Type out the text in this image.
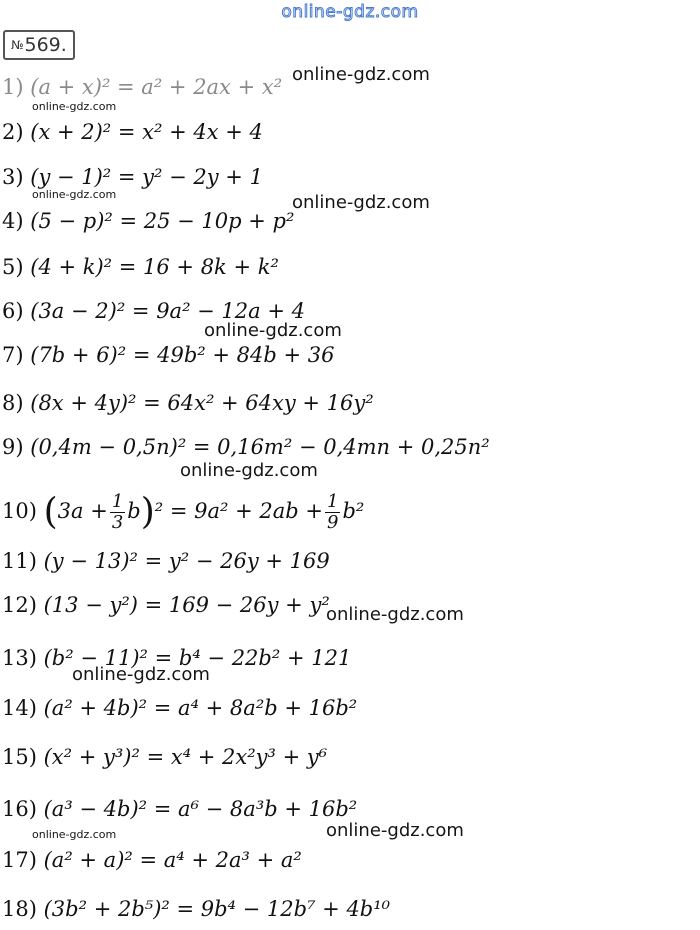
online-gdz.com
№569.
1) (a + x)² = a² + 2ax + x²
2) (x + 2)² = x² + 4x + 4
3) (y − 1)² = y² − 2y + 1
4) (5 − p)² = 25 − 10p + p²
5) (4 + k)² = 16 + 8k + k²
6) (3a − 2)² = 9a² − 12a + 4
7) (7b + 6)² = 49b² + 84b + 36
8) (8x + 4y)² = 64x² + 64xy + 16y²
9) (0,4m − 0,5n)² = 0,16m² − 0,4mn + 0,25n²
10) $(3a + \frac{1}{3} b)^2 = 9a^2 + 2ab + \frac{1}{9} b^2$
11) (y − 13)² = y² − 26y + 169
12) (13 − y²) = 169 − 26y + y²
13) (b² − 11)² = b⁴ − 22b² + 121
14) (a² + 4b)² = a⁴ + 8a²b + 16b²
15) (x² + y³)² = x⁴ + 2x²y³ + y⁶
16) (a³ − 4b)² = a⁶ − 8a³b + 16b²
17) (a² + a)² = a⁴ + 2a³ + a²
18) (3b² + 2b⁵)² = 9b⁴ − 12b⁷ + 4b¹⁰
online-gdz.com
online-gdz.com
online-gdz.com	online-gdz.com
online-gdz.com
online-gdz.com
online-gdz.com
online-gdz.com
online-gdz.com	online-gdz.com
